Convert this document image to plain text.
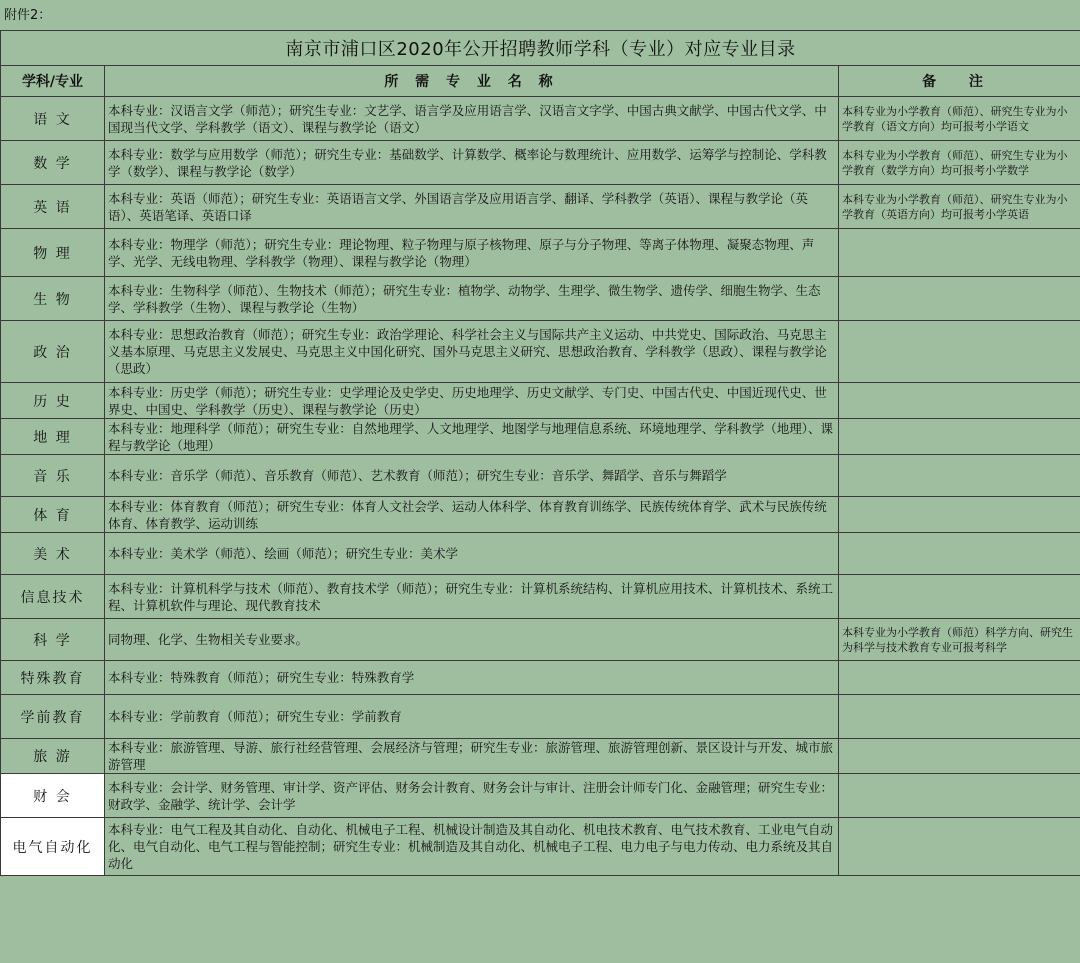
附件2：
南京市浦口区2020年公开招聘教师学科（专业）对应专业目录		
学科/专业	所 需 专 业 名 称	备 注
语 文	本科专业：汉语言文学（师范）；研究生专业：文艺学、语言学及应用语言学、汉语言文字学、中国古典文献学、中国古代文学、中国现当代文学、学科教学（语文）、课程与教学论（语文）	本科专业为小学教育（师范）、研究生专业为小学教育（语文方向）均可报考小学语文
数 学	本科专业：数学与应用数学（师范）；研究生专业：基础数学、计算数学、概率论与数理统计、应用数学、运筹学与控制论、学科教学（数学）、课程与教学论（数学）	本科专业为小学教育（师范）、研究生专业为小学教育（数学方向）均可报考小学数学
英 语	本科专业：英语（师范）；研究生专业：英语语言文学、外国语言学及应用语言学、翻译、学科教学（英语）、课程与教学论（英语）、英语笔译、英语口译	本科专业为小学教育（师范）、研究生专业为小学教育（英语方向）均可报考小学英语
物 理	本科专业：物理学（师范）；研究生专业：理论物理、粒子物理与原子核物理、原子与分子物理、等离子体物理、凝聚态物理、声学、光学、无线电物理、学科教学（物理）、课程与教学论（物理）	
生 物	本科专业：生物科学（师范）、生物技术（师范）；研究生专业：植物学、动物学、生理学、微生物学、遗传学、细胞生物学、生态学、学科教学（生物）、课程与教学论（生物）	
政 治	本科专业：思想政治教育（师范）；研究生专业：政治学理论、科学社会主义与国际共产主义运动、中共党史、国际政治、马克思主义基本原理、马克思主义发展史、马克思主义中国化研究、国外马克思主义研究、思想政治教育、学科教学（思政）、课程与教学论（思政）	
历 史	本科专业：历史学（师范）；研究生专业：史学理论及史学史、历史地理学、历史文献学、专门史、中国古代史、中国近现代史、世界史、中国史、学科教学（历史）、课程与教学论（历史）	
地 理	本科专业：地理科学（师范）；研究生专业：自然地理学、人文地理学、地图学与地理信息系统、环境地理学、学科教学（地理）、课程与教学论（地理）	
音 乐	本科专业：音乐学（师范）、音乐教育（师范）、艺术教育（师范）；研究生专业：音乐学、舞蹈学、音乐与舞蹈学	
体 育	本科专业：体育教育（师范）；研究生专业：体育人文社会学、运动人体科学、体育教育训练学、民族传统体育学、武术与民族传统体育、体育教学、运动训练	
美 术	本科专业：美术学（师范）、绘画（师范）；研究生专业：美术学	
信息技术	本科专业：计算机科学与技术（师范）、教育技术学（师范）；研究生专业：计算机系统结构、计算机应用技术、计算机技术、系统工程、计算机软件与理论、现代教育技术	
科 学	同物理、化学、生物相关专业要求。	本科专业为小学教育（师范）科学方向、研究生为科学与技术教育专业可报考科学
特殊教育	本科专业：特殊教育（师范）；研究生专业：特殊教育学	
学前教育	本科专业：学前教育（师范）；研究生专业：学前教育	
旅 游	本科专业：旅游管理、导游、旅行社经营管理、会展经济与管理；研究生专业：旅游管理、旅游管理创新、景区设计与开发、城市旅游管理	
财 会	本科专业：会计学、财务管理、审计学、资产评估、财务会计教育、财务会计与审计、注册会计师专门化、金融管理；研究生专业：财政学、金融学、统计学、会计学	
电气自动化	本科专业：电气工程及其自动化、自动化、机械电子工程、机械设计制造及其自动化、机电技术教育、电气技术教育、工业电气自动化、电气自动化、电气工程与智能控制；研究生专业：机械制造及其自动化、机械电子工程、电力电子与电力传动、电力系统及其自动化	
